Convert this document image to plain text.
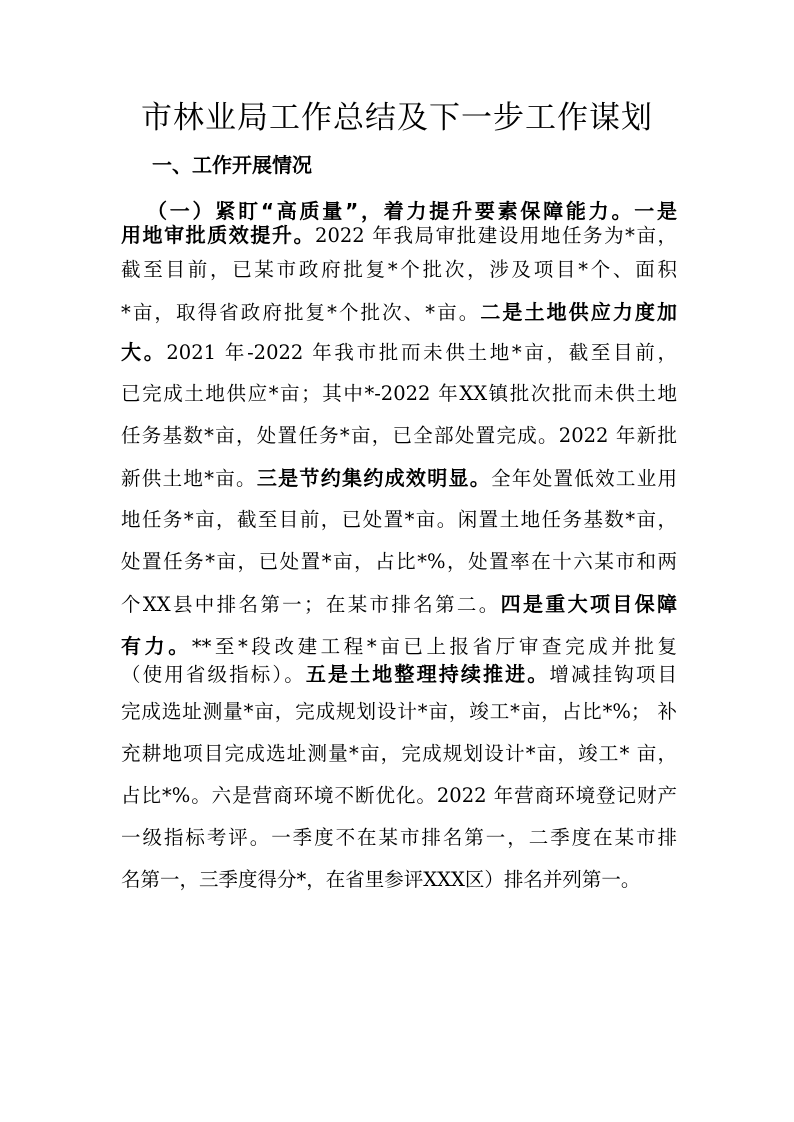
市林业局工作总结及下一步工作谋划
一、工作开展情况
（一）紧盯“高质量”，着力提升要素保障能力。一是
用地审批质效提升。2022 年我局审批建设用地任务为*亩，
截至目前，已某市政府批复*个批次，涉及项目*个、面积
*亩，取得省政府批复*个批次、*亩。二是土地供应力度加
大。2021 年-2022 年我市批而未供土地*亩，截至目前，
已完成土地供应*亩；其中*-2022 年XX镇批次批而未供土地
任务基数*亩，处置任务*亩，已全部处置完成。2022 年新批
新供土地*亩。三是节约集约成效明显。全年处置低效工业用
地任务*亩，截至目前，已处置*亩。闲置土地任务基数*亩，
处置任务*亩，已处置*亩，占比*%，处置率在十六某市和两
个XX县中排名第一；在某市排名第二。四是重大项目保障
有力。**至*段改建工程*亩已上报省厅审查完成并批复
（使用省级指标）。五是土地整理持续推进。增减挂钩项目
完成选址测量*亩，完成规划设计*亩，竣工*亩，占比*%； 补
充耕地项目完成选址测量*亩，完成规划设计*亩，竣工* 亩，
占比*%。六是营商环境不断优化。2022 年营商环境登记财产
一级指标考评。一季度不在某市排名第一，二季度在某市排
名第一，三季度得分*，在省里参评XXX区）排名并列第一。
